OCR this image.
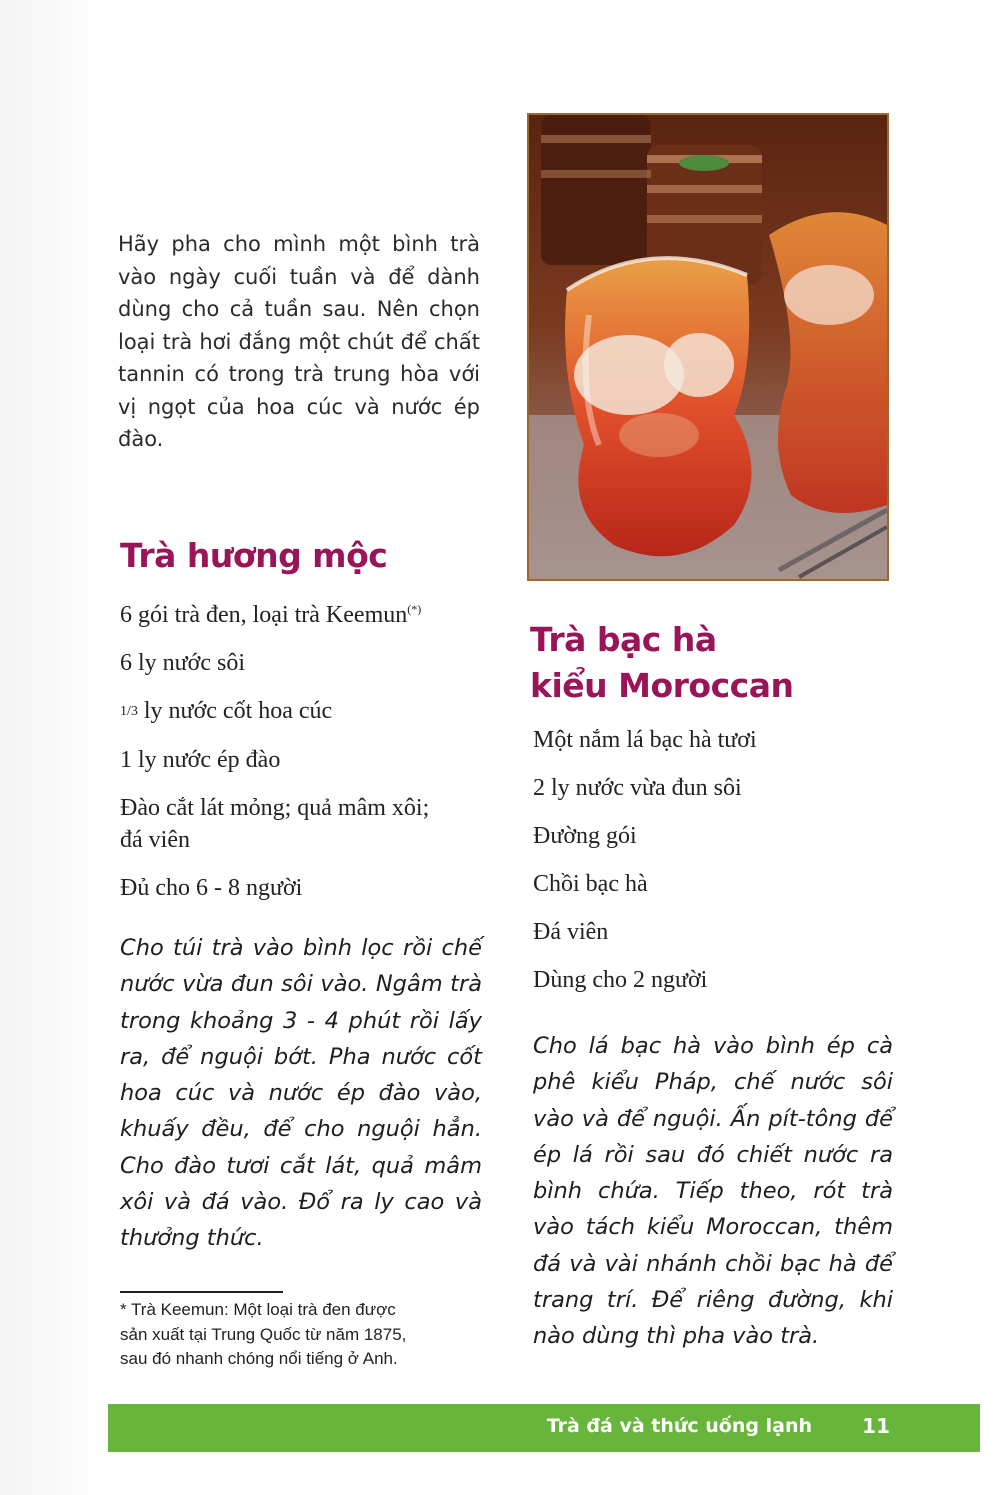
Hãy pha cho mình một bình trà vào ngày cuối tuần và để dành dùng cho cả tuần sau. Nên chọn loại trà hơi đắng một chút để chất tannin có trong trà trung hòa với vị ngọt của hoa cúc và nước ép đào.

Trà hương mộc
6 gói trà đen, loại trà Keemun(*)
6 ly nước sôi
1/3 ly nước cốt hoa cúc
1 ly nước ép đào
Đào cắt lát mỏng; quả mâm xôi;
đá viên
Đủ cho 6 - 8 người

Cho túi trà vào bình lọc rồi chế nước vừa đun sôi vào. Ngâm trà trong khoảng 3 - 4 phút rồi lấy ra, để nguội bớt. Pha nước cốt hoa cúc và nước ép đào vào, khuấy đều, để cho nguội hẳn. Cho đào tươi cắt lát, quả mâm xôi và đá vào. Đổ ra ly cao và thưởng thức.

* Trà Keemun: Một loại trà đen được
sản xuất tại Trung Quốc từ năm 1875,
sau đó nhanh chóng nổi tiếng ở Anh.

Trà bạc hà
kiểu Moroccan
Một nắm lá bạc hà tươi
2 ly nước vừa đun sôi
Đường gói
Chồi bạc hà
Đá viên
Dùng cho 2 người

Cho lá bạc hà vào bình ép cà phê kiểu Pháp, chế nước sôi vào và để nguội. Ấn pít-tông để ép lá rồi sau đó chiết nước ra bình chứa. Tiếp theo, rót trà vào tách kiểu Moroccan, thêm đá và vài nhánh chồi bạc hà để trang trí. Để riêng đường, khi nào dùng thì pha vào trà.

Trà đá và thức uống lạnh	11
